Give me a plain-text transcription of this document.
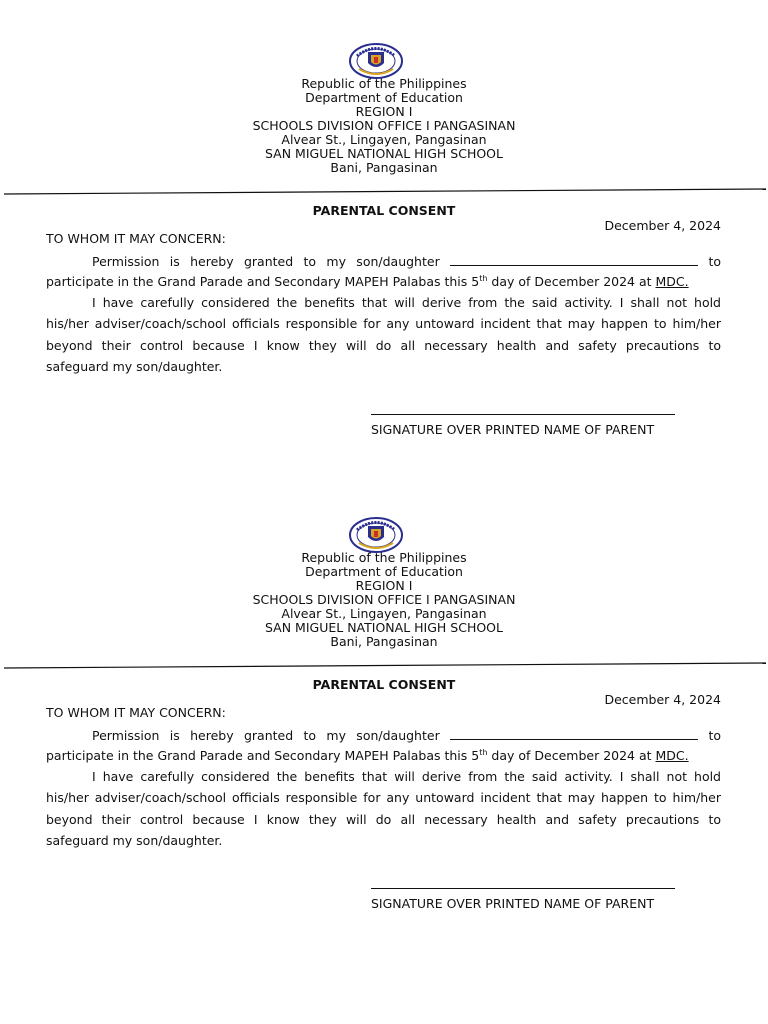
Republic of the Philippines
Department of Education
REGION I
SCHOOLS DIVISION OFFICE I PANGASINAN
Alvear St., Lingayen, Pangasinan
SAN MIGUEL NATIONAL HIGH SCHOOL
Bani, Pangasinan
PARENTAL CONSENT
December 4, 2024
TO WHOM IT MAY CONCERN:
Permission is hereby granted to my son/daughter	to
participate in the Grand Parade and Secondary MAPEH Palabas this 5th day of December 2024 at MDC.
I have carefully considered the benefits that will derive from the said activity. I shall not hold
his/her adviser/coach/school officials responsible for any untoward incident that may happen to him/her
beyond their control because I know they will do all necessary health and safety precautions to
safeguard my son/daughter.
SIGNATURE OVER PRINTED NAME OF PARENT
Republic of the Philippines
Department of Education
REGION I
SCHOOLS DIVISION OFFICE I PANGASINAN
Alvear St., Lingayen, Pangasinan
SAN MIGUEL NATIONAL HIGH SCHOOL
Bani, Pangasinan
PARENTAL CONSENT
December 4, 2024
TO WHOM IT MAY CONCERN:
Permission is hereby granted to my son/daughter	to
participate in the Grand Parade and Secondary MAPEH Palabas this 5th day of December 2024 at MDC.
I have carefully considered the benefits that will derive from the said activity. I shall not hold
his/her adviser/coach/school officials responsible for any untoward incident that may happen to him/her
beyond their control because I know they will do all necessary health and safety precautions to
safeguard my son/daughter.
SIGNATURE OVER PRINTED NAME OF PARENT
